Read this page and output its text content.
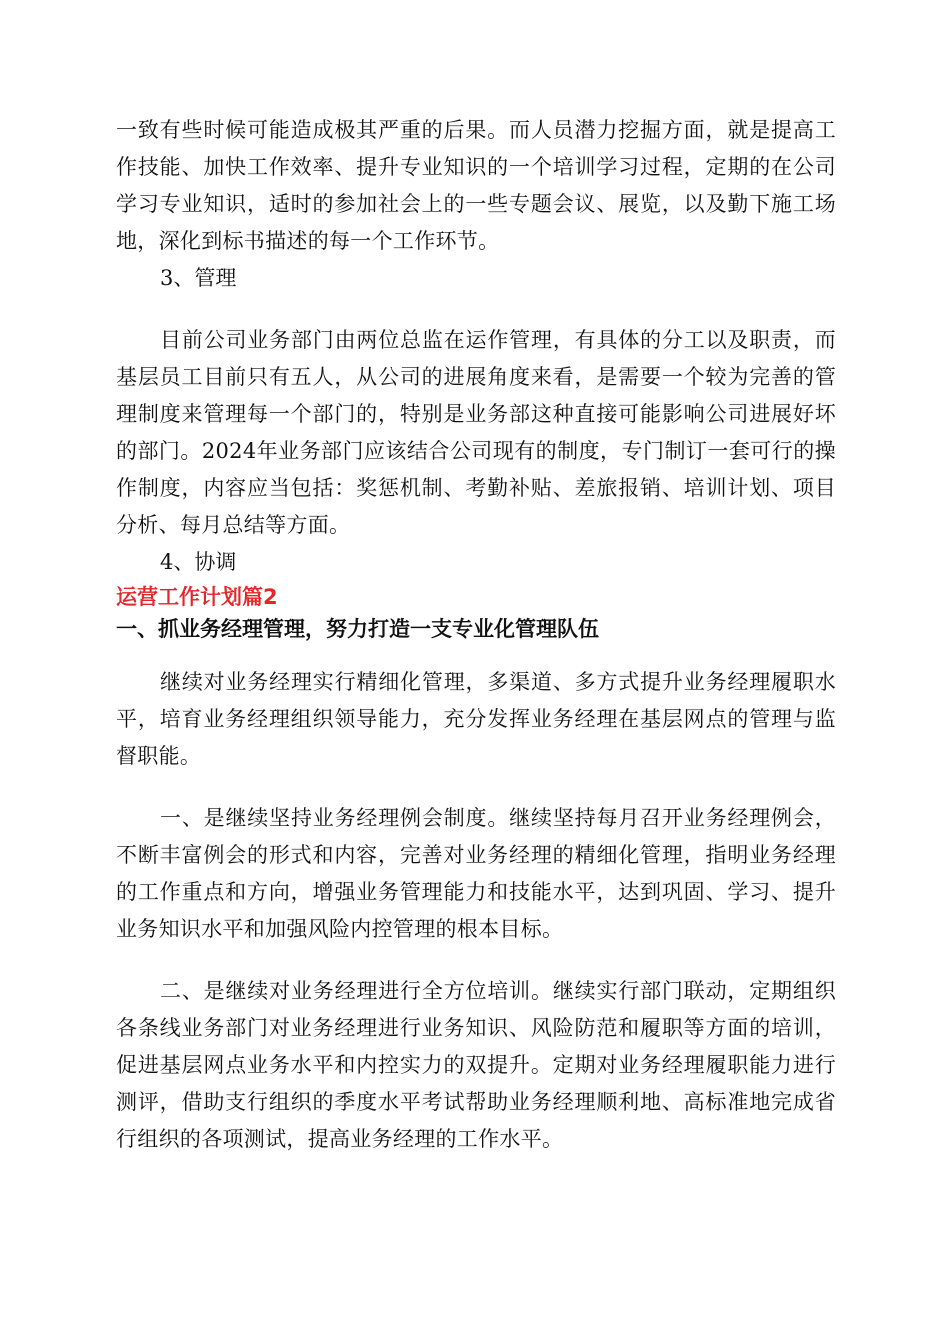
一致有些时候可能造成极其严重的后果。而人员潜力挖掘方面，就是提高工作技能、加快工作效率、提升专业知识的一个培训学习过程，定期的在公司学习专业知识，适时的参加社会上的一些专题会议、展览，以及勤下施工场地，深化到标书描述的每一个工作环节。

3、管理

目前公司业务部门由两位总监在运作管理，有具体的分工以及职责，而基层员工目前只有五人，从公司的进展角度来看，是需要一个较为完善的管理制度来管理每一个部门的，特别是业务部这种直接可能影响公司进展好坏的部门。2024年业务部门应该结合公司现有的制度，专门制订一套可行的操作制度，内容应当包括：奖惩机制、考勤补贴、差旅报销、培训计划、项目分析、每月总结等方面。

4、协调

运营工作计划篇2

一、抓业务经理管理，努力打造一支专业化管理队伍

继续对业务经理实行精细化管理，多渠道、多方式提升业务经理履职水平，培育业务经理组织领导能力，充分发挥业务经理在基层网点的管理与监督职能。

一、是继续坚持业务经理例会制度。继续坚持每月召开业务经理例会，不断丰富例会的形式和内容，完善对业务经理的精细化管理，指明业务经理的工作重点和方向，增强业务管理能力和技能水平，达到巩固、学习、提升业务知识水平和加强风险内控管理的根本目标。

二、是继续对业务经理进行全方位培训。继续实行部门联动，定期组织各条线业务部门对业务经理进行业务知识、风险防范和履职等方面的培训，促进基层网点业务水平和内控实力的双提升。定期对业务经理履职能力进行测评，借助支行组织的季度水平考试帮助业务经理顺利地、高标准地完成省行组织的各项测试，提高业务经理的工作水平。
